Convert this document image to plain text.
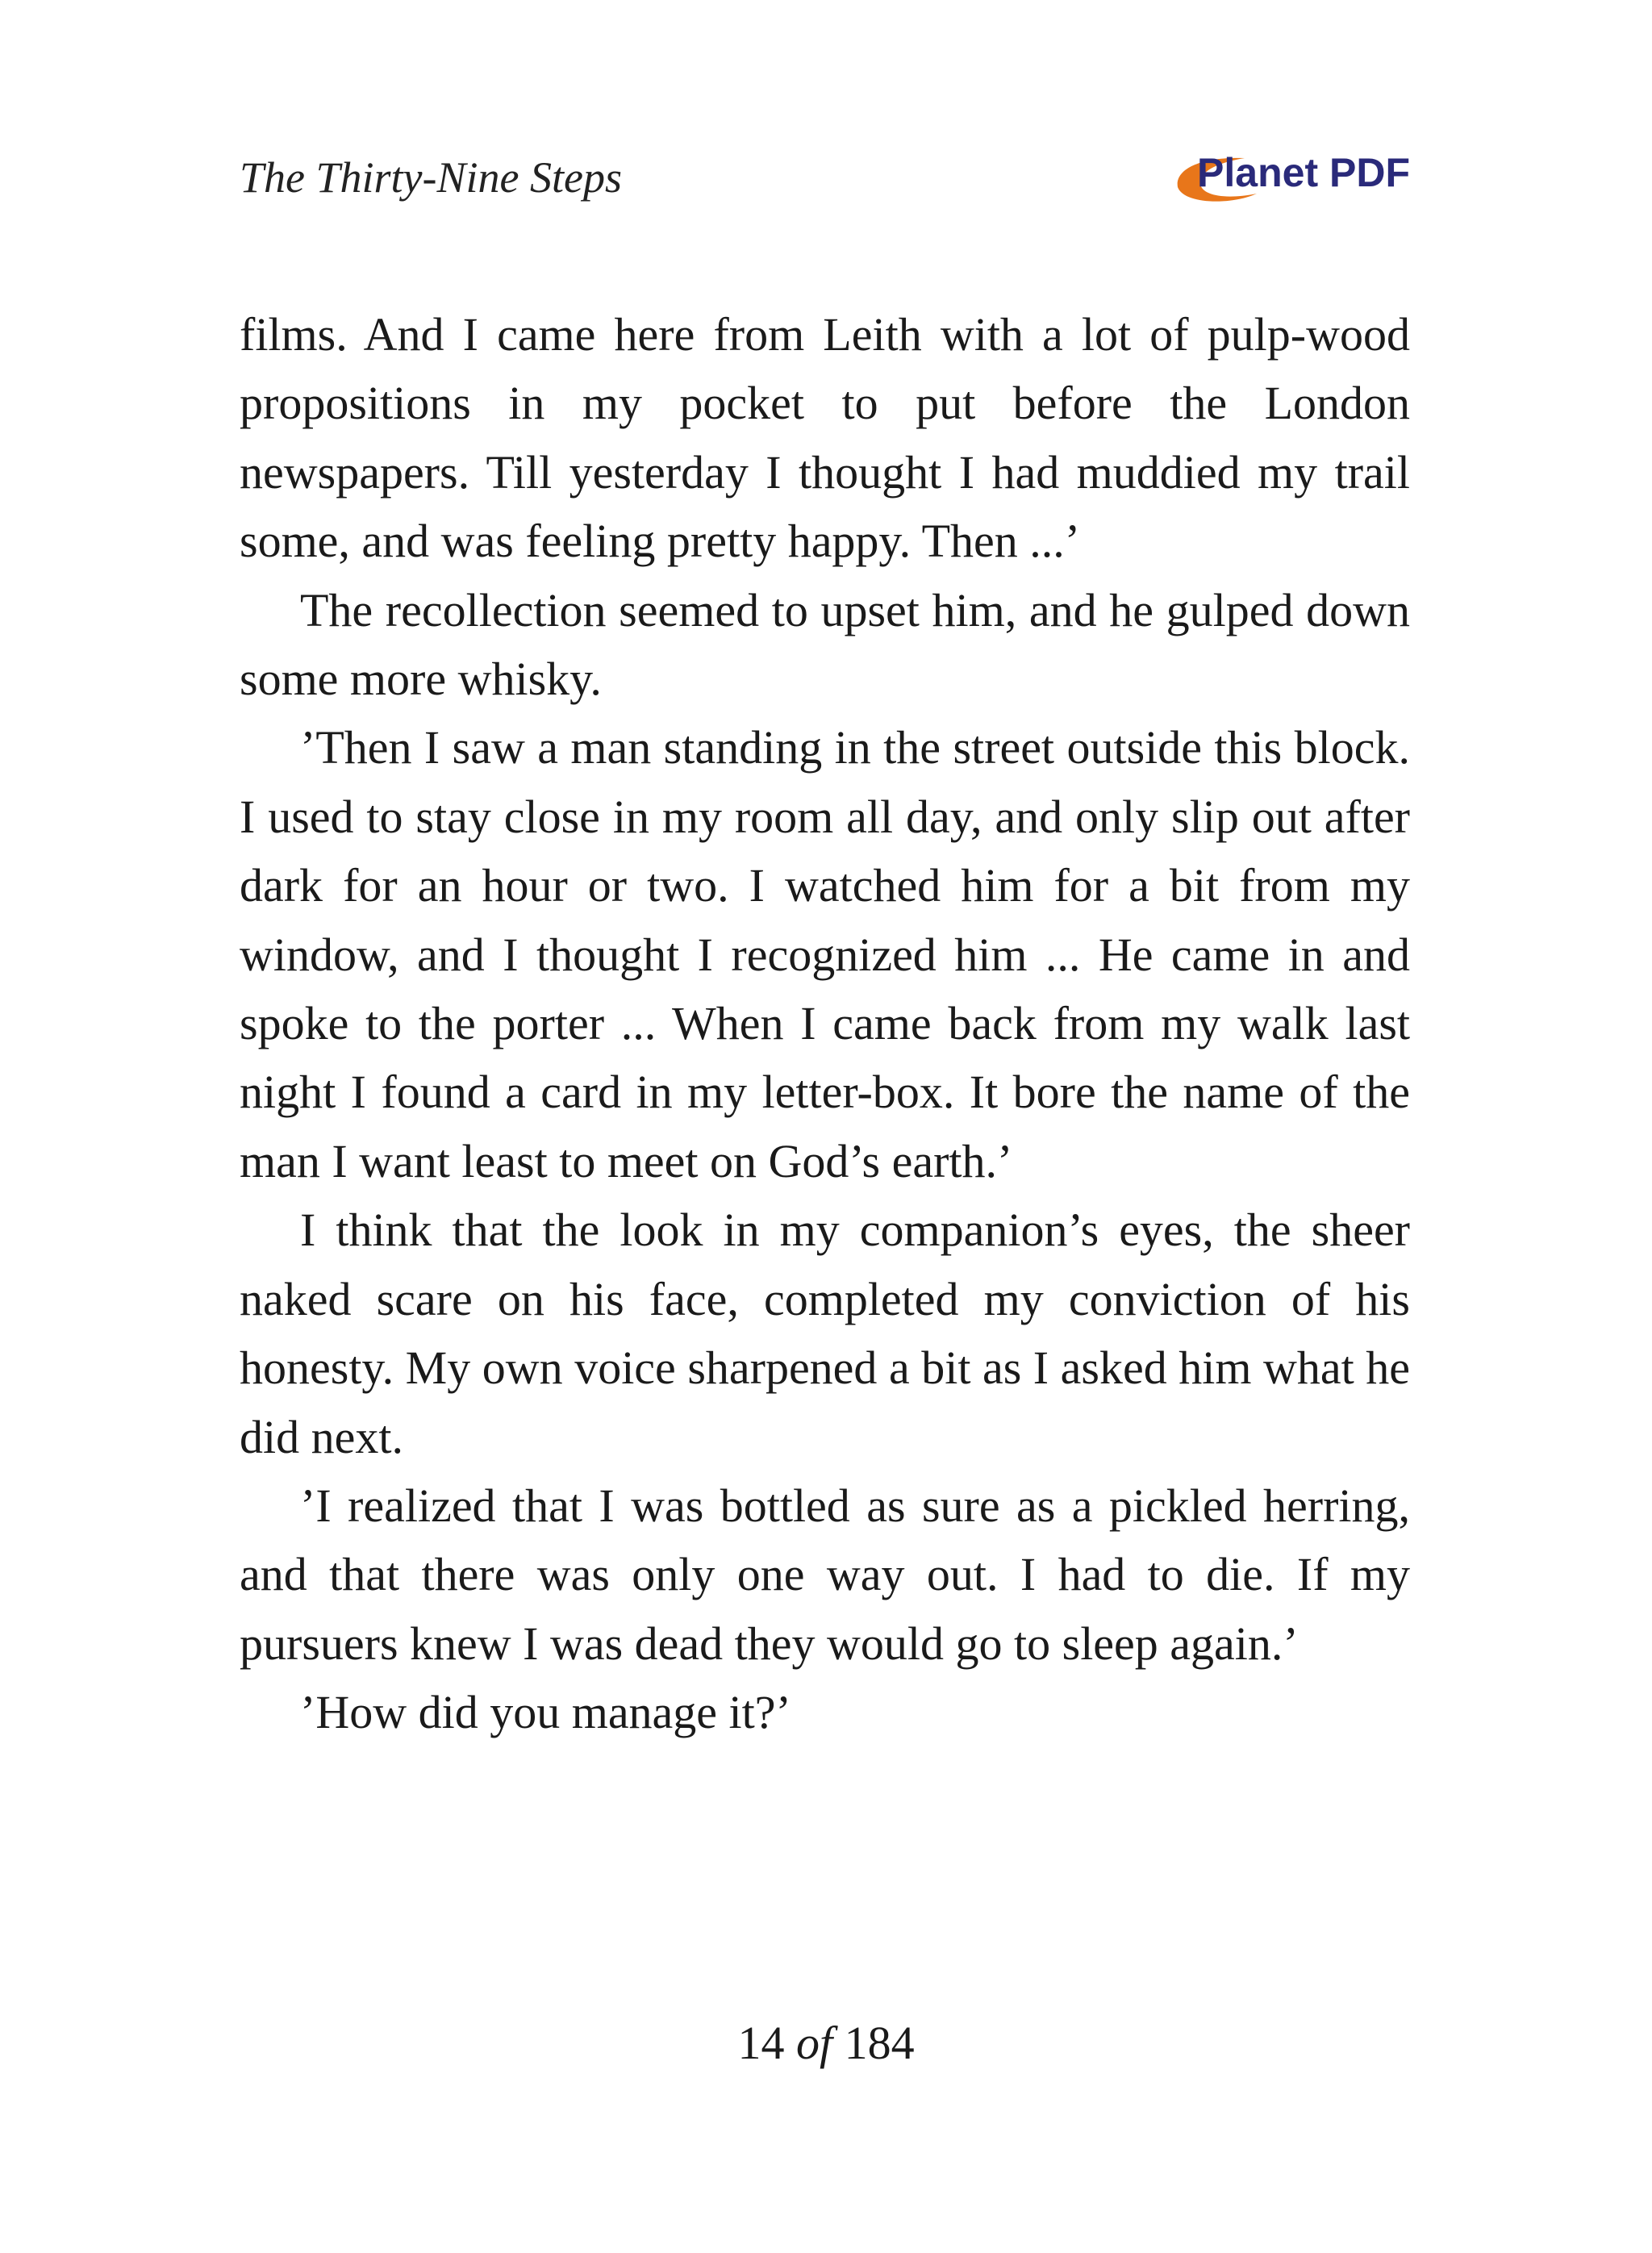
The Thirty-Nine Steps	Planet PDF

films. And I came here from Leith with a lot of pulp-wood propositions in my pocket to put before the London newspapers. Till yesterday I thought I had muddied my trail some, and was feeling pretty happy. Then ...’

The recollection seemed to upset him, and he gulped down some more whisky.

’Then I saw a man standing in the street outside this block. I used to stay close in my room all day, and only slip out after dark for an hour or two. I watched him for a bit from my window, and I thought I recognized him ... He came in and spoke to the porter ... When I came back from my walk last night I found a card in my letter-box. It bore the name of the man I want least to meet on God’s earth.’

I think that the look in my companion’s eyes, the sheer naked scare on his face, completed my conviction of his honesty. My own voice sharpened a bit as I asked him what he did next.

’I realized that I was bottled as sure as a pickled herring, and that there was only one way out. I had to die. If my pursuers knew I was dead they would go to sleep again.’

’How did you manage it?’

14 of 184
